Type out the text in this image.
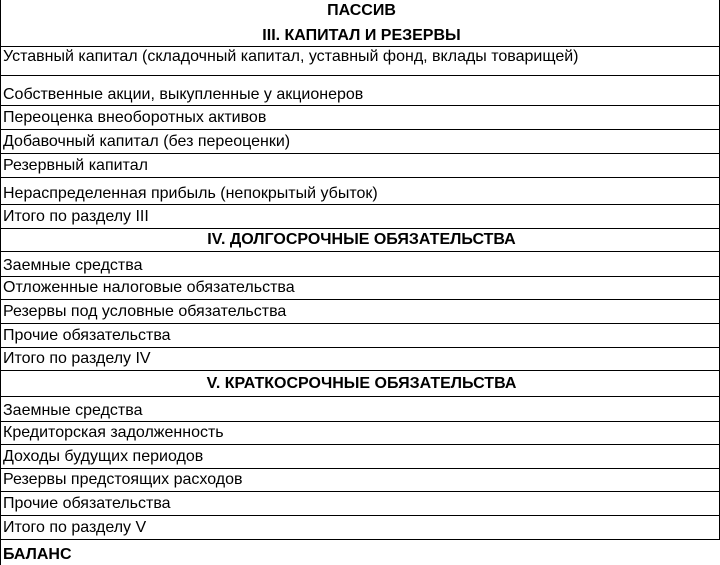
ПАССИВ
III. КАПИТАЛ И РЕЗЕРВЫ
Уставный капитал (складочный капитал, уставный фонд, вклады товарищей)
Собственные акции, выкупленные у акционеров
Переоценка внеоборотных активов
Добавочный капитал (без переоценки)
Резервный капитал
Нераспределенная прибыль (непокрытый убыток)
Итого по разделу III
IV. ДОЛГОСРОЧНЫЕ ОБЯЗАТЕЛЬСТВА
Заемные средства
Отложенные налоговые обязательства
Резервы под условные обязательства
Прочие обязательства
Итого по разделу IV
V. КРАТКОСРОЧНЫЕ ОБЯЗАТЕЛЬСТВА
Заемные средства
Кредиторская задолженность
Доходы будущих периодов
Резервы предстоящих расходов
Прочие обязательства
Итого по разделу V
БАЛАНС
